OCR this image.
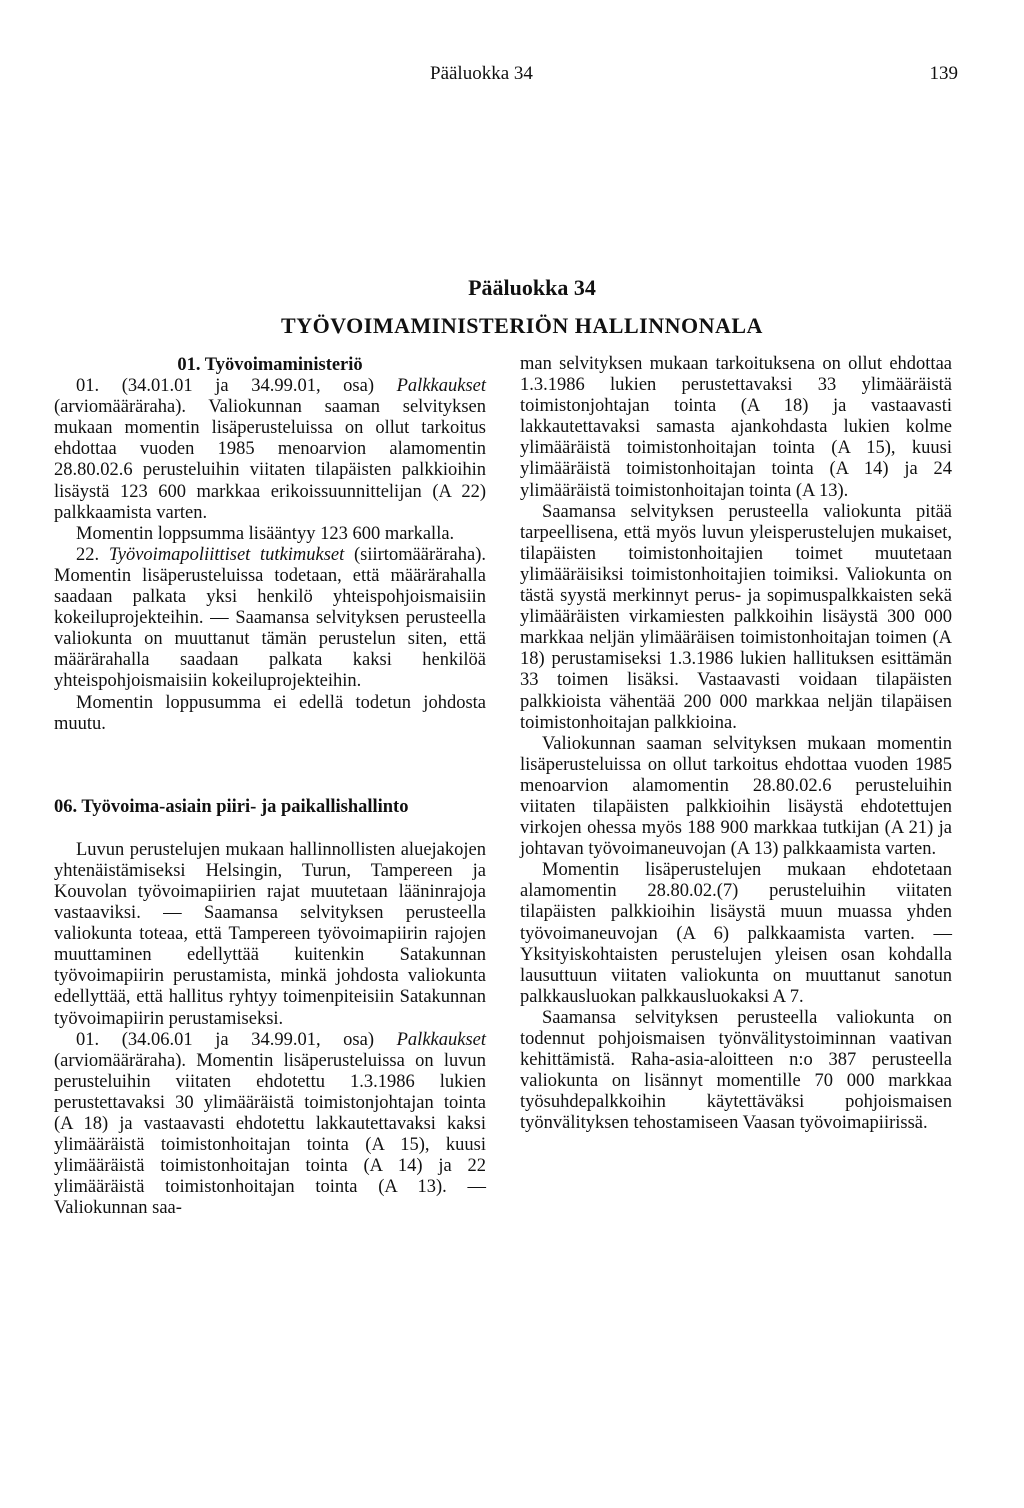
Pääluokka 34	139
Pääluokka 34
TYÖVOIMAMINISTERIÖN HALLINNONALA

01. Työvoimaministeriö

01. (34.01.01 ja 34.99.01, osa) Palkkaukset (arviomääräraha). Valiokunnan saaman selvityksen mukaan momentin lisäperusteluissa on ollut tarkoitus ehdottaa vuoden 1985 menoarvion alamomentin 28.80.02.6 perusteluihin viitaten tilapäisten palkkioihin lisäystä 123 600 markkaa erikoissuunnittelijan (A 22) palkkaamista varten.

Momentin loppsumma lisääntyy 123 600 markalla.

22. Työvoimapoliittiset tutkimukset (siirtomääräraha). Momentin lisäperusteluissa todetaan, että määrärahalla saadaan palkata yksi henkilö yhteispohjoismaisiin kokeiluprojekteihin. — Saamansa selvityksen perusteella valiokunta on muuttanut tämän perustelun siten, että määrärahalla saadaan palkata kaksi henkilöä yhteispohjoismaisiin kokeiluprojekteihin.

Momentin loppusumma ei edellä todetun johdosta muutu.

06. Työvoima-asiain piiri- ja paikallishallinto

Luvun perustelujen mukaan hallinnollisten aluejakojen yhtenäistämiseksi Helsingin, Turun, Tampereen ja Kouvolan työvoimapiirien rajat muutetaan lääninrajoja vastaaviksi. — Saamansa selvityksen perusteella valiokunta toteaa, että Tampereen työvoimapiirin rajojen muuttaminen edellyttää kuitenkin Satakunnan työvoimapiirin perustamista, minkä johdosta valiokunta edellyttää, että hallitus ryhtyy toimenpiteisiin Satakunnan työvoimapiirin perustamiseksi.

01. (34.06.01 ja 34.99.01, osa) Palkkaukset (arviomääräraha). Momentin lisäperusteluissa on luvun perusteluihin viitaten ehdotettu 1.3.1986 lukien perustettavaksi 30 ylimääräistä toimistonjohtajan tointa (A 18) ja vastaavasti ehdotettu lakkautettavaksi kaksi ylimääräistä toimistonhoitajan tointa (A 15), kuusi ylimääräistä toimistonhoitajan tointa (A 14) ja 22 ylimääräistä toimistonhoitajan tointa (A 13). — Valiokunnan saa-

man selvityksen mukaan tarkoituksena on ollut ehdottaa 1.3.1986 lukien perustettavaksi 33 ylimääräistä toimistonjohtajan tointa (A 18) ja vastaavasti lakkautettavaksi samasta ajankohdasta lukien kolme ylimääräistä toimistonhoitajan tointa (A 15), kuusi ylimääräistä toimistonhoitajan tointa (A 14) ja 24 ylimääräistä toimistonhoitajan tointa (A 13).

Saamansa selvityksen perusteella valiokunta pitää tarpeellisena, että myös luvun yleisperustelujen mukaiset, tilapäisten toimistonhoitajien toimet muutetaan ylimääräisiksi toimistonhoitajien toimiksi. Valiokunta on tästä syystä merkinnyt perus- ja sopimuspalkkaisten sekä ylimääräisten virkamiesten palkkoihin lisäystä 300 000 markkaa neljän ylimääräisen toimistonhoitajan toimen (A 18) perustamiseksi 1.3.1986 lukien hallituksen esittämän 33 toimen lisäksi. Vastaavasti voidaan tilapäisten palkkioista vähentää 200 000 markkaa neljän tilapäisen toimistonhoitajan palkkioina.

Valiokunnan saaman selvityksen mukaan momentin lisäperusteluissa on ollut tarkoitus ehdottaa vuoden 1985 menoarvion alamomentin 28.80.02.6 perusteluihin viitaten tilapäisten palkkioihin lisäystä ehdotettujen virkojen ohessa myös 188 900 markkaa tutkijan (A 21) ja johtavan työvoimaneuvojan (A 13) palkkaamista varten.

Momentin lisäperustelujen mukaan ehdotetaan alamomentin 28.80.02.(7) perusteluihin viitaten tilapäisten palkkioihin lisäystä muun muassa yhden työvoimaneuvojan (A 6) palkkaamista varten. — Yksityiskohtaisten perustelujen yleisen osan kohdalla lausuttuun viitaten valiokunta on muuttanut sanotun palkkausluokan palkkausluokaksi A 7.

Saamansa selvityksen perusteella valiokunta on todennut pohjoismaisen työnvälitystoiminnan vaativan kehittämistä. Raha-asia-aloitteen n:o 387 perusteella valiokunta on lisännyt momentille 70 000 markkaa työsuhdepalkkoihin käytettäväksi pohjoismaisen työnvälityksen tehostamiseen Vaasan työvoimapiirissä.
